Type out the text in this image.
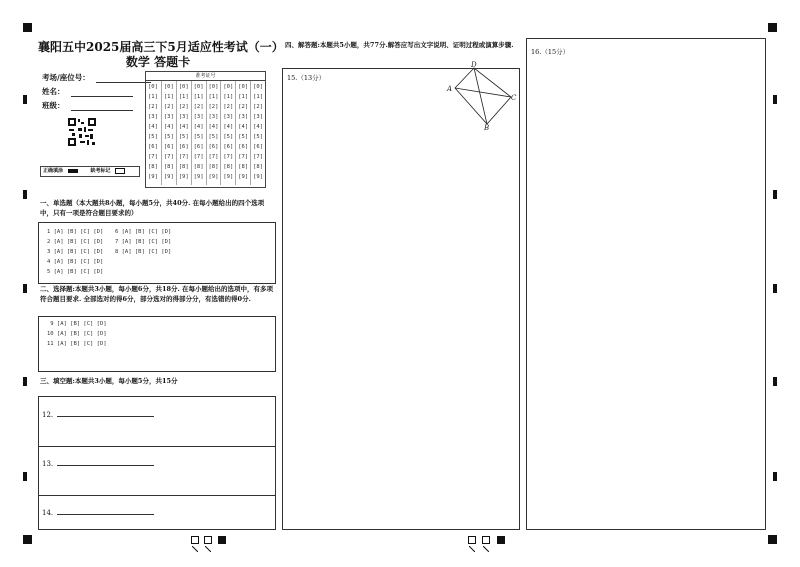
襄阳五中2025届高三下5月适应性考试（一）
数学 答题卡
考场/座位号：
姓名：
班级：
准考证号
[0]
[1]
[2]
[3]
[4]
[5]
[6]
[7]
[8]
[9]
[0]
[1]
[2]
[3]
[4]
[5]
[6]
[7]
[8]
[9]
[0]
[1]
[2]
[3]
[4]
[5]
[6]
[7]
[8]
[9]
[0]
[1]
[2]
[3]
[4]
[5]
[6]
[7]
[8]
[9]
[0]
[1]
[2]
[3]
[4]
[5]
[6]
[7]
[8]
[9]
[0]
[1]
[2]
[3]
[4]
[5]
[6]
[7]
[8]
[9]
[0]
[1]
[2]
[3]
[4]
[5]
[6]
[7]
[8]
[9]
[0]
[1]
[2]
[3]
[4]
[5]
[6]
[7]
[8]
[9]
正确填涂	缺考标记
一、单选题（本大题共8小题，每小题5分，共40分. 在每小题给出的四个选项中，只有一项是符合题目要求的）
1 [A] [B] [C] [D]
2 [A] [B] [C] [D]
3 [A] [B] [C] [D]
4 [A] [B] [C] [D]
5 [A] [B] [C] [D]
6 [A] [B] [C] [D]
7 [A] [B] [C] [D]
8 [A] [B] [C] [D]
二、选择题:本题共3小题，每小题6分，共18分. 在每小题给出的选项中，有多项符合题目要求. 全部选对的得6分，部分选对的得部分分，有选错的得0分.
9 [A] [B] [C] [D]
10 [A] [B] [C] [D]
11 [A] [B] [C] [D]
三、填空题:本题共3小题，每小题5分，共15分
12.
13.
14.
四、解答题:本题共5小题，共77分.解答应写出文字说明、证明过程或演算步骤.
15.（13分）
D
A
C
B
16.（15分）
